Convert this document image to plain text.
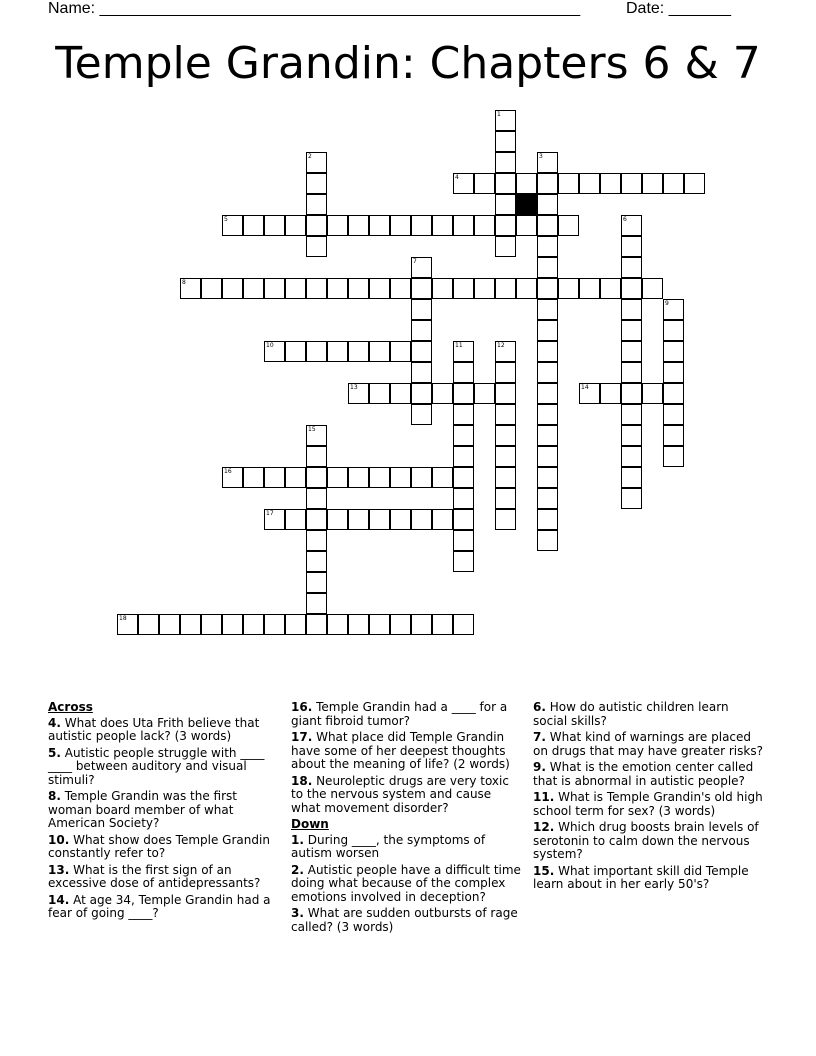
Name: ______________________________________________________	Date: _______
Temple Grandin: Chapters 6 & 7
1
2	3
4
5	6
7
8
9
10	11	12
13	14
15
16
17
18
Across
4. What does Uta Frith believe that autistic people lack? (3 words)
5. Autistic people struggle with ____ ____ between auditory and visual stimuli?
8. Temple Grandin was the first woman board member of what American Society?
10. What show does Temple Grandin constantly refer to?
13. What is the first sign of an excessive dose of antidepressants?
14. At age 34, Temple Grandin had a fear of going ____?
16. Temple Grandin had a ____ for a giant fibroid tumor?
17. What place did Temple Grandin have some of her deepest thoughts about the meaning of life? (2 words)
18. Neuroleptic drugs are very toxic to the nervous system and cause what movement disorder?
Down
1. During ____, the symptoms of autism worsen
2. Autistic people have a difficult time doing what because of the complex emotions involved in deception?
3. What are sudden outbursts of rage called? (3 words)
6. How do autistic children learn social skills?
7. What kind of warnings are placed on drugs that may have greater risks?
9. What is the emotion center called that is abnormal in autistic people?
11. What is Temple Grandin's old high school term for sex? (3 words)
12. Which drug boosts brain levels of serotonin to calm down the nervous system?
15. What important skill did Temple learn about in her early 50's?
